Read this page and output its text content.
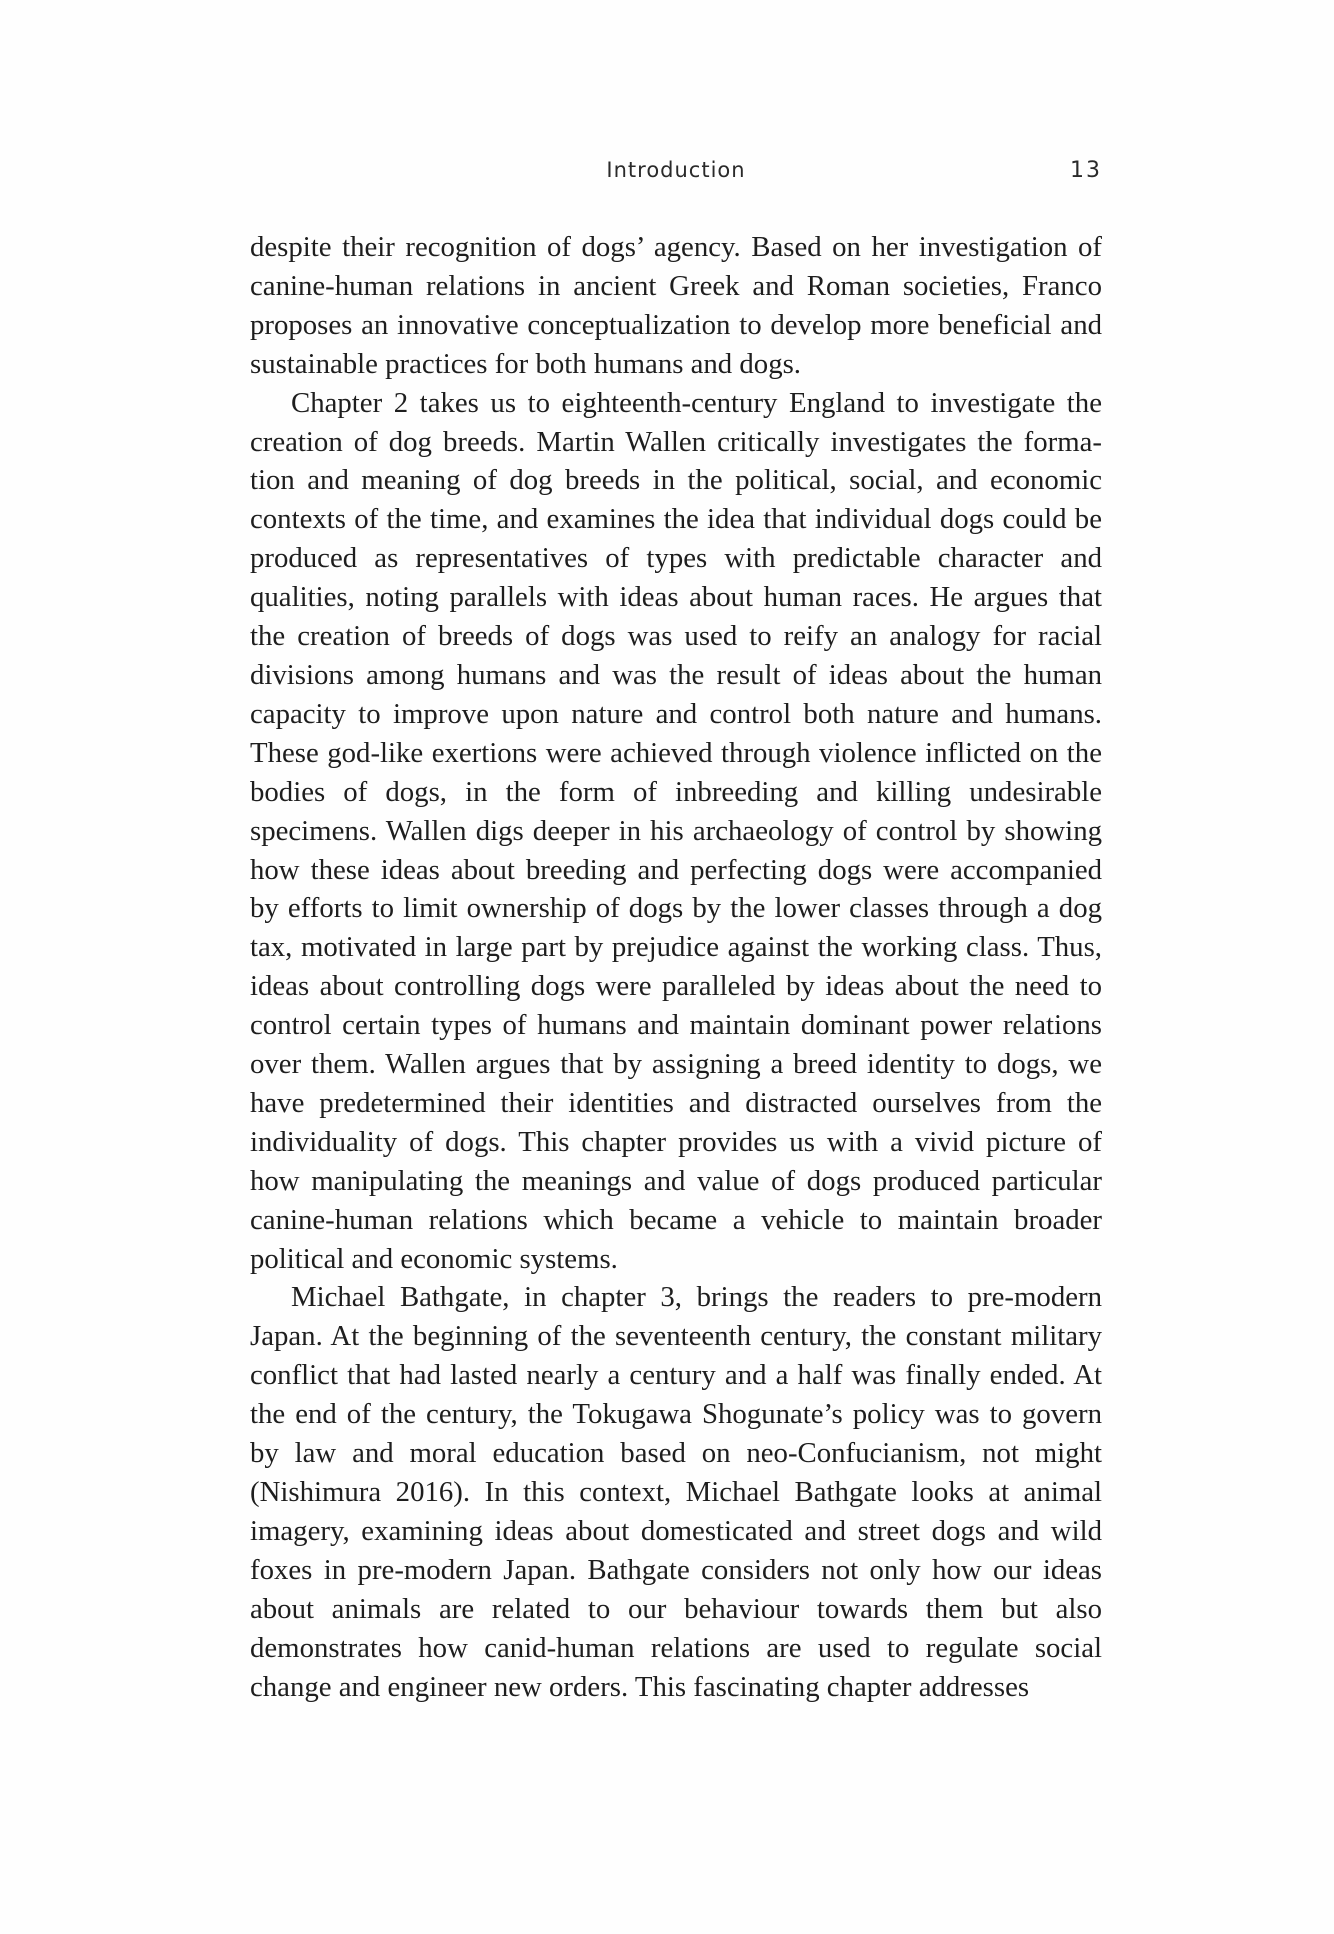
Introduction	13

despite their recognition of dogs’ agency. Based on her investigation of canine-human relations in ancient Greek and Roman societies, Franco proposes an innovative conceptualization to develop more beneficial and sustainable practices for both humans and dogs.

Chapter 2 takes us to eighteenth-century England to investigate the creation of dog breeds. Martin Wallen critically investigates the formation and meaning of dog breeds in the political, social, and economic contexts of the time, and examines the idea that individual dogs could be produced as representatives of types with predictable character and qualities, noting parallels with ideas about human races. He argues that the creation of breeds of dogs was used to reify an analogy for racial divisions among humans and was the result of ideas about the human capacity to improve upon nature and control both nature and humans. These god-like exertions were achieved through violence inflicted on the bodies of dogs, in the form of inbreeding and killing undesirable specimens. Wallen digs deeper in his archaeology of control by showing how these ideas about breeding and perfecting dogs were accompanied by efforts to limit ownership of dogs by the lower classes through a dog tax, motivated in large part by prejudice against the working class. Thus, ideas about controlling dogs were paralleled by ideas about the need to control certain types of humans and maintain dominant power relations over them. Wallen argues that by assigning a breed identity to dogs, we have predetermined their identities and distracted ourselves from the individuality of dogs. This chapter provides us with a vivid picture of how manipulating the meanings and value of dogs produced particular canine-human relations which became a vehicle to maintain broader political and economic systems.

Michael Bathgate, in chapter 3, brings the readers to pre-modern Japan. At the beginning of the seventeenth century, the constant military conflict that had lasted nearly a century and a half was finally ended. At the end of the century, the Tokugawa Shogunate’s policy was to govern by law and moral education based on neo-Confucianism, not might (Nishimura 2016). In this context, Michael Bathgate looks at animal imagery, examining ideas about domesticated and street dogs and wild foxes in pre-modern Japan. Bathgate considers not only how our ideas about animals are related to our behaviour towards them but also demonstrates how canid-human relations are used to regulate social change and engineer new orders. This fascinating chapter addresses
